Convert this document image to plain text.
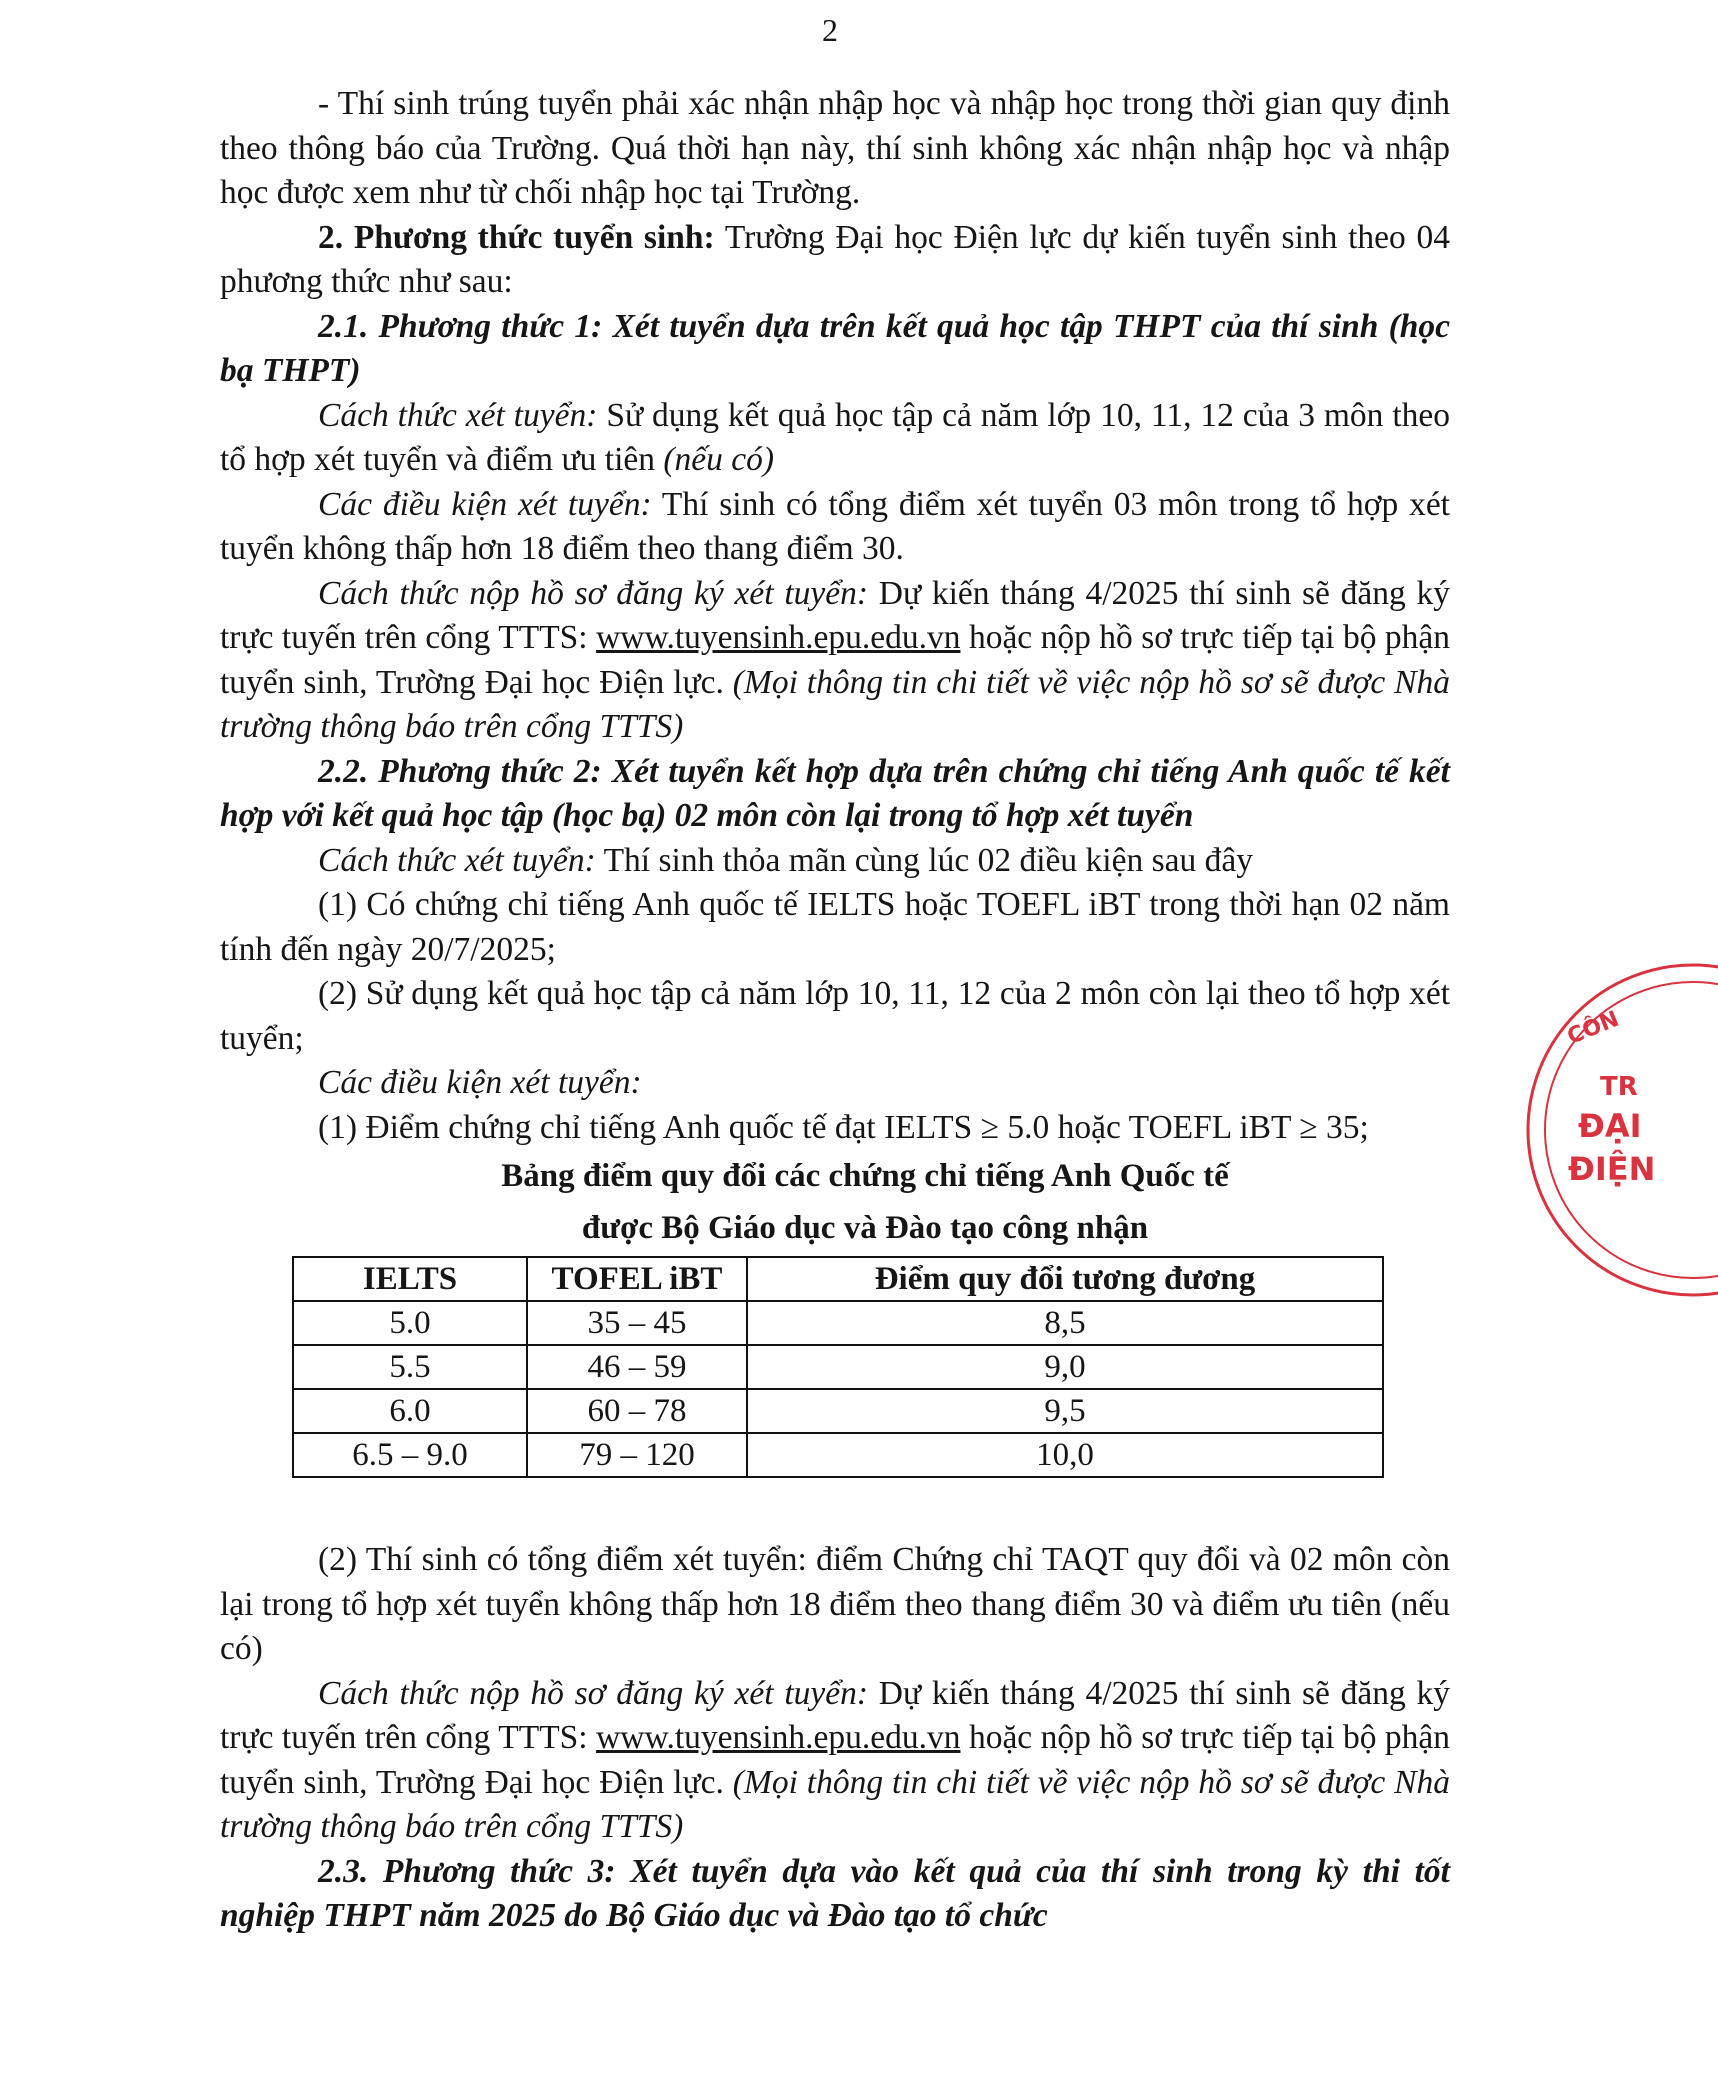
2

- Thí sinh trúng tuyển phải xác nhận nhập học và nhập học trong thời gian quy định theo thông báo của Trường. Quá thời hạn này, thí sinh không xác nhận nhập học và nhập học được xem như từ chối nhập học tại Trường.

2. Phương thức tuyển sinh: Trường Đại học Điện lực dự kiến tuyển sinh theo 04 phương thức như sau:

2.1. Phương thức 1: Xét tuyển dựa trên kết quả học tập THPT của thí sinh (học bạ THPT)

Cách thức xét tuyển: Sử dụng kết quả học tập cả năm lớp 10, 11, 12 của 3 môn theo tổ hợp xét tuyển và điểm ưu tiên (nếu có)

Các điều kiện xét tuyển: Thí sinh có tổng điểm xét tuyển 03 môn trong tổ hợp xét tuyển không thấp hơn 18 điểm theo thang điểm 30.

Cách thức nộp hồ sơ đăng ký xét tuyển: Dự kiến tháng 4/2025 thí sinh sẽ đăng ký trực tuyến trên cổng TTTS: www.tuyensinh.epu.edu.vn hoặc nộp hồ sơ trực tiếp tại bộ phận tuyển sinh, Trường Đại học Điện lực. (Mọi thông tin chi tiết về việc nộp hồ sơ sẽ được Nhà trường thông báo trên cổng TTTS)

2.2. Phương thức 2: Xét tuyển kết hợp dựa trên chứng chỉ tiếng Anh quốc tế kết hợp với kết quả học tập (học bạ) 02 môn còn lại trong tổ hợp xét tuyển

Cách thức xét tuyển: Thí sinh thỏa mãn cùng lúc 02 điều kiện sau đây

(1) Có chứng chỉ tiếng Anh quốc tế IELTS hoặc TOEFL iBT trong thời hạn 02 năm tính đến ngày 20/7/2025;

(2) Sử dụng kết quả học tập cả năm lớp 10, 11, 12 của 2 môn còn lại theo tổ hợp xét tuyển;

Các điều kiện xét tuyển:

(1) Điểm chứng chỉ tiếng Anh quốc tế đạt IELTS ≥ 5.0 hoặc TOEFL iBT ≥ 35;

Bảng điểm quy đổi các chứng chỉ tiếng Anh Quốc tế

được Bộ Giáo dục và Đào tạo công nhận

IELTS	TOFEL iBT	Điểm quy đổi tương đương
5.0	35 – 45	8,5
5.5	46 – 59	9,0
6.0	60 – 78	9,5
6.5 – 9.0	79 – 120	10,0

(2) Thí sinh có tổng điểm xét tuyển: điểm Chứng chỉ TAQT quy đổi và 02 môn còn lại trong tổ hợp xét tuyển không thấp hơn 18 điểm theo thang điểm 30 và điểm ưu tiên (nếu có)

Cách thức nộp hồ sơ đăng ký xét tuyển: Dự kiến tháng 4/2025 thí sinh sẽ đăng ký trực tuyến trên cổng TTTS: www.tuyensinh.epu.edu.vn hoặc nộp hồ sơ trực tiếp tại bộ phận tuyển sinh, Trường Đại học Điện lực. (Mọi thông tin chi tiết về việc nộp hồ sơ sẽ được Nhà trường thông báo trên cổng TTTS)

2.3. Phương thức 3: Xét tuyển dựa vào kết quả của thí sinh trong kỳ thi tốt nghiệp THPT năm 2025 do Bộ Giáo dục và Đào tạo tổ chức

CÔN
TR
ĐẠI
ĐIỆN
